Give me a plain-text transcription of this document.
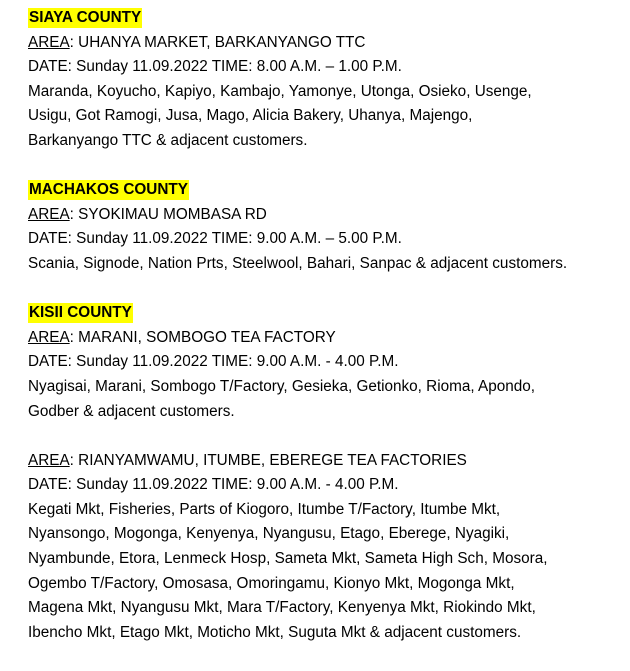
SIAYA COUNTY
AREA: UHANYA MARKET, BARKANYANGO TTC
DATE: Sunday 11.09.2022 TIME: 8.00 A.M. – 1.00 P.M.
Maranda, Koyucho, Kapiyo, Kambajo, Yamonye, Utonga, Osieko, Usenge,
Usigu, Got Ramogi, Jusa, Mago, Alicia Bakery, Uhanya, Majengo,
Barkanyango TTC & adjacent customers.
MACHAKOS COUNTY
AREA: SYOKIMAU MOMBASA RD
DATE: Sunday 11.09.2022 TIME: 9.00 A.M. – 5.00 P.M.
Scania, Signode, Nation Prts, Steelwool, Bahari, Sanpac & adjacent customers.
KISII COUNTY
AREA: MARANI, SOMBOGO TEA FACTORY
DATE: Sunday 11.09.2022 TIME: 9.00 A.M. - 4.00 P.M.
Nyagisai, Marani, Sombogo T/Factory, Gesieka, Getionko, Rioma, Apondo,
Godber & adjacent customers.
AREA: RIANYAMWAMU, ITUMBE, EBEREGE TEA FACTORIES
DATE: Sunday 11.09.2022 TIME: 9.00 A.M. - 4.00 P.M.
Kegati Mkt, Fisheries, Parts of Kiogoro, Itumbe T/Factory, Itumbe Mkt,
Nyansongo, Mogonga, Kenyenya, Nyangusu, Etago, Eberege, Nyagiki,
Nyambunde, Etora, Lenmeck Hosp, Sameta Mkt, Sameta High Sch, Mosora,
Ogembo T/Factory, Omosasa, Omoringamu, Kionyo Mkt, Mogonga Mkt,
Magena Mkt, Nyangusu Mkt, Mara T/Factory, Kenyenya Mkt, Riokindo Mkt,
Ibencho Mkt, Etago Mkt, Moticho Mkt, Suguta Mkt & adjacent customers.
